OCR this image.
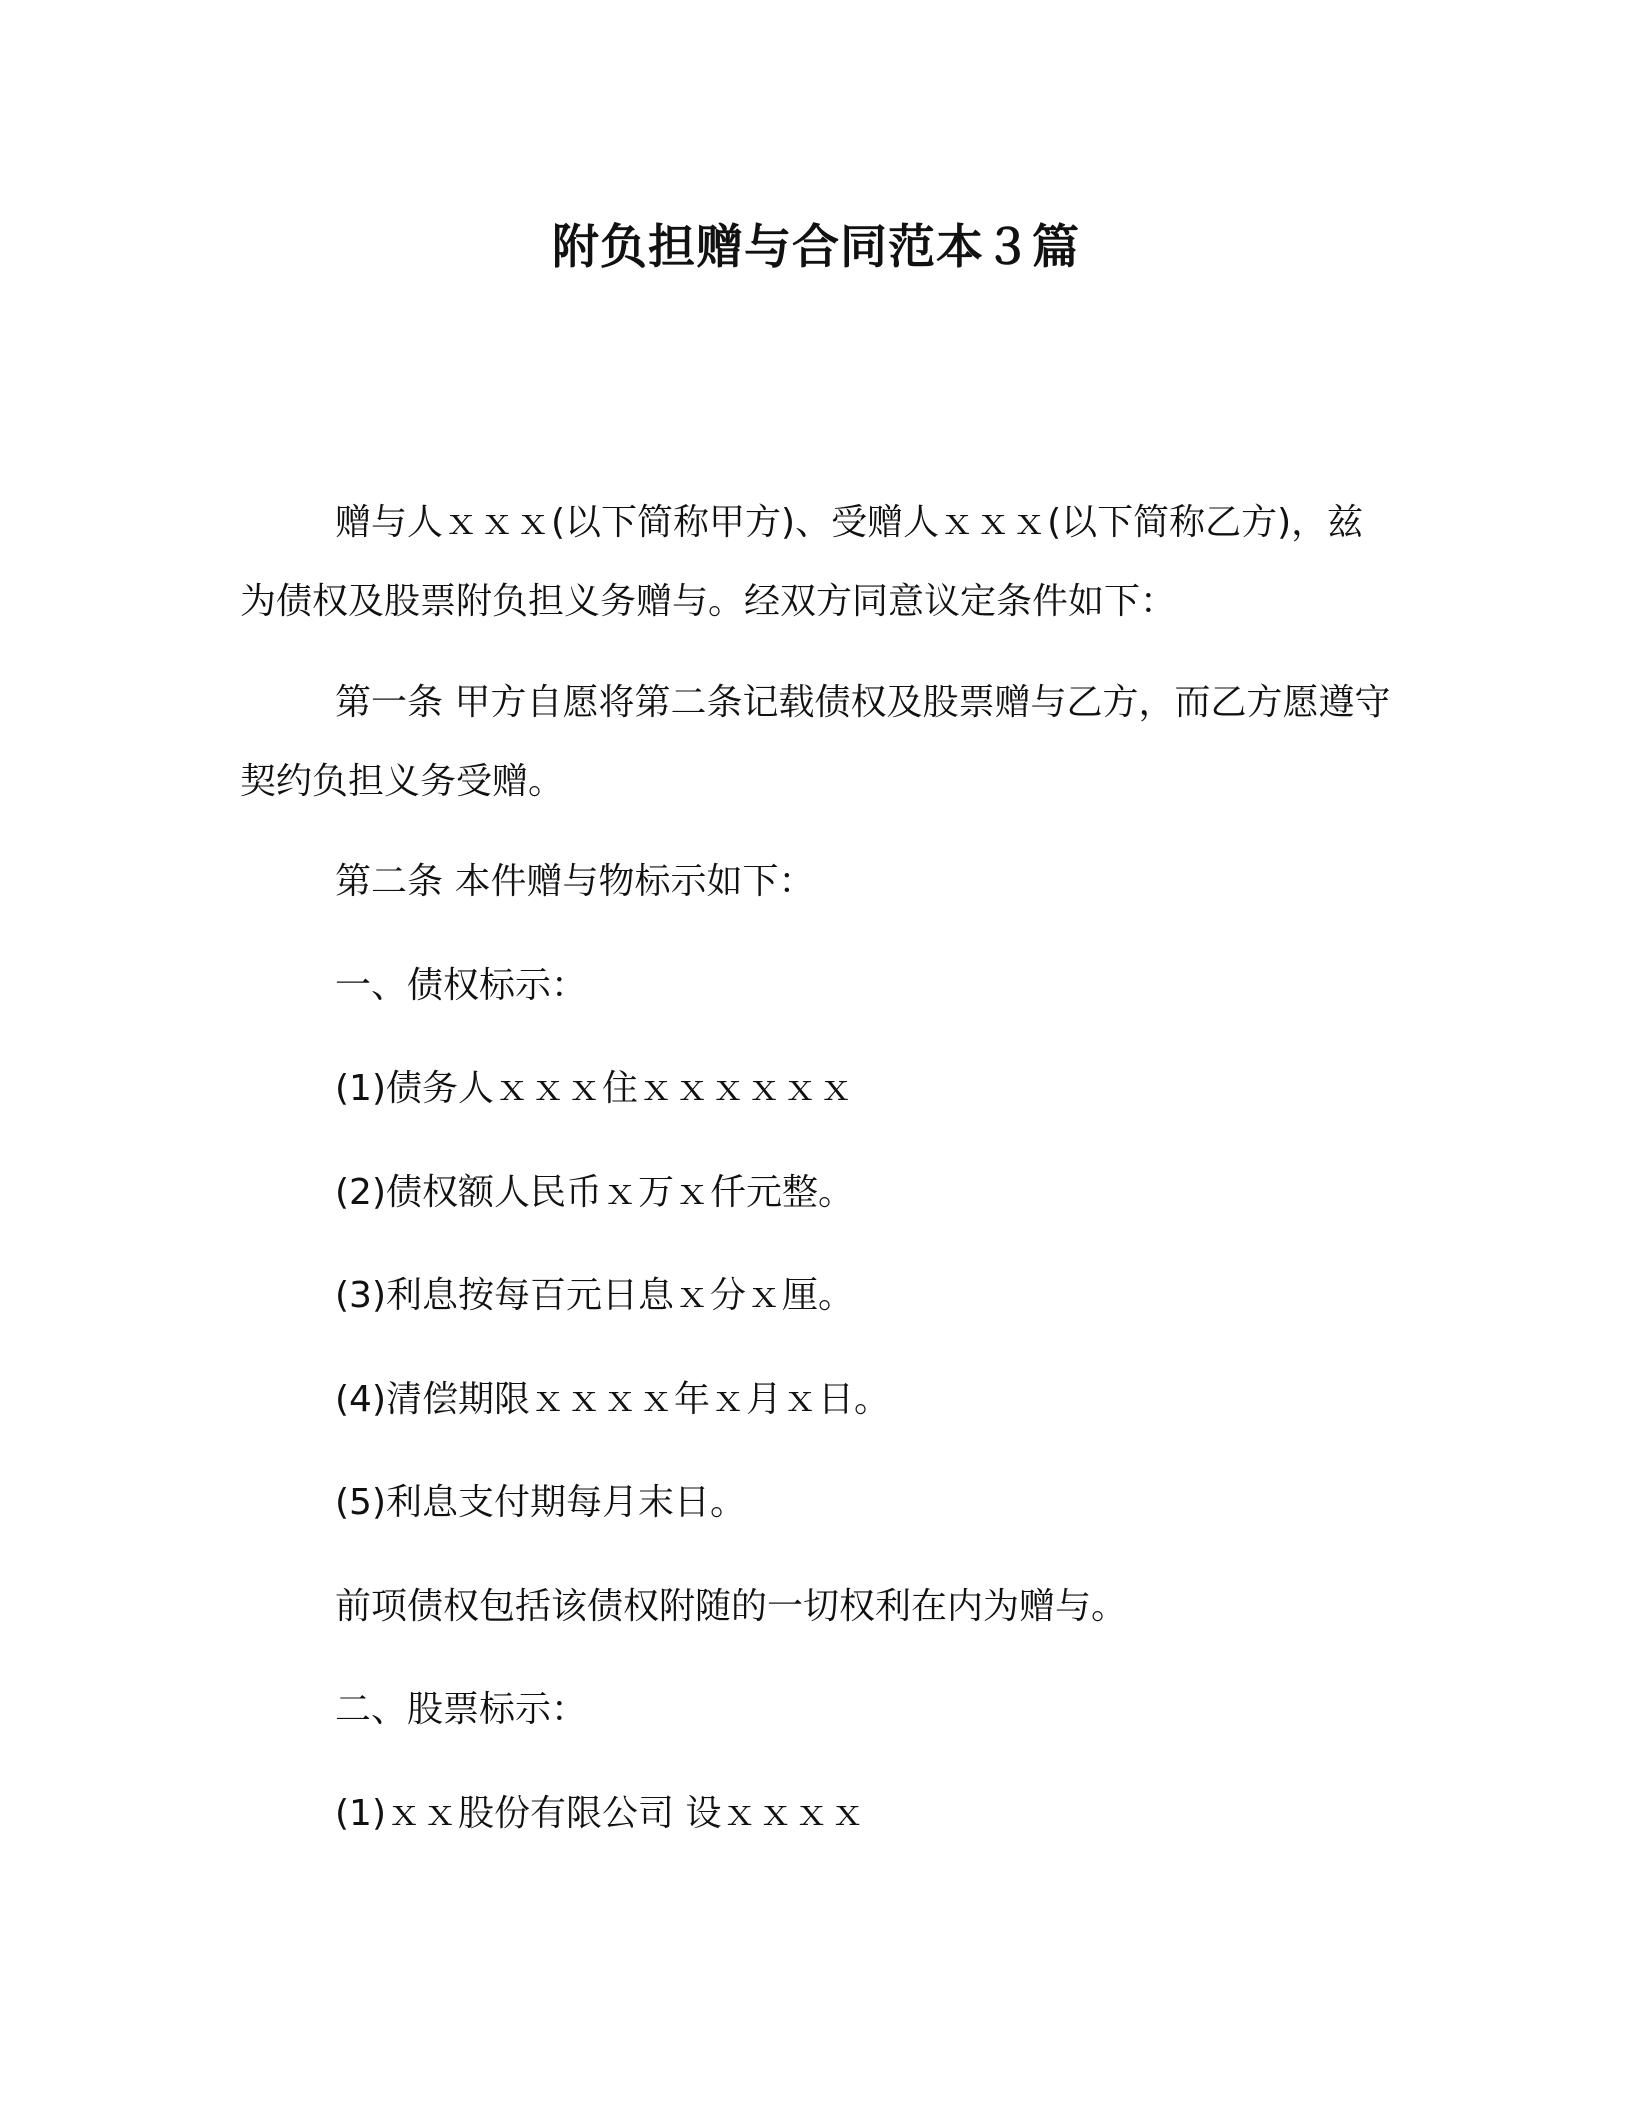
附负担赠与合同范本３篇

赠与人ｘｘｘ(以下简称甲方)、受赠人ｘｘｘ(以下简称乙方)，兹为债权及股票附负担义务赠与。经双方同意议定条件如下：

第一条 甲方自愿将第二条记载债权及股票赠与乙方，而乙方愿遵守契约负担义务受赠。

第二条 本件赠与物标示如下：

一、债权标示：

(1)债务人ｘｘｘ住ｘｘｘｘｘｘ

(2)债权额人民币ｘ万ｘ仟元整。

(3)利息按每百元日息ｘ分ｘ厘。

(4)清偿期限ｘｘｘｘ年ｘ月ｘ日。

(5)利息支付期每月末日。

前项债权包括该债权附随的一切权利在内为赠与。

二、股票标示：

(1)ｘｘ股份有限公司 设ｘｘｘｘ
